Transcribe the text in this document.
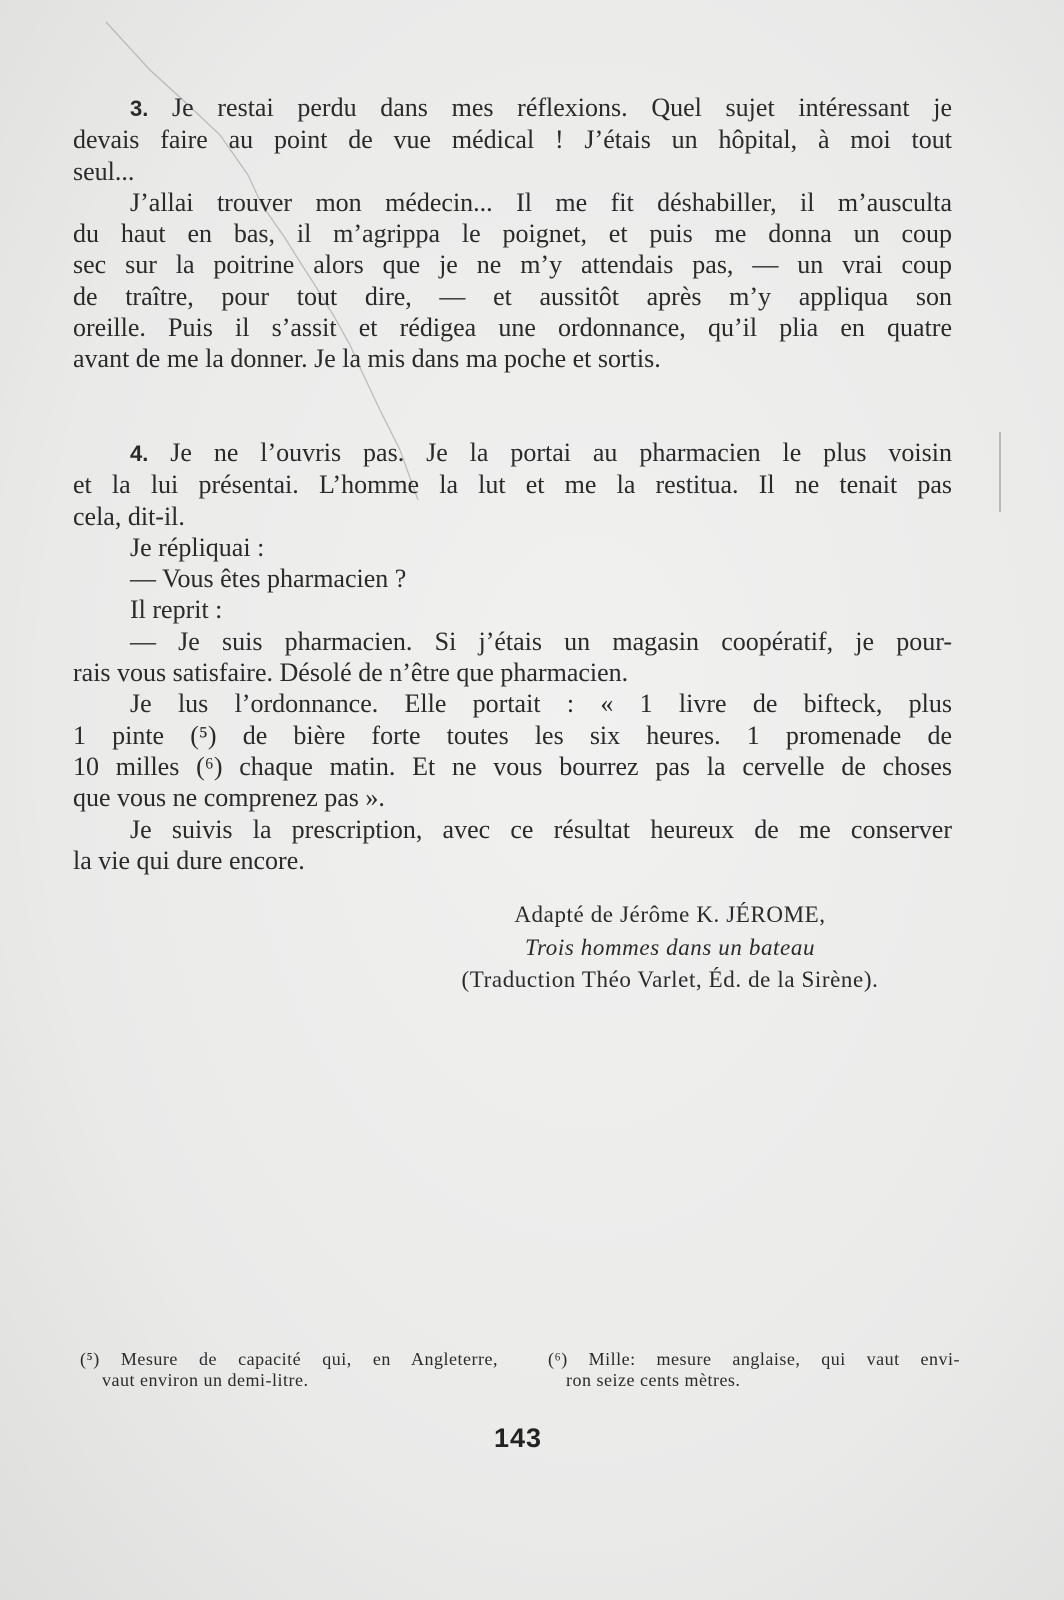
3. Je restai perdu dans mes réflexions. Quel sujet intéressant je
devais faire au point de vue médical ! J’étais un hôpital, à moi tout
seul...
J’allai trouver mon médecin... Il me fit déshabiller, il m’ausculta
du haut en bas, il m’agrippa le poignet, et puis me donna un coup
sec sur la poitrine alors que je ne m’y attendais pas, — un vrai coup
de traître, pour tout dire, — et aussitôt après m’y appliqua son
oreille. Puis il s’assit et rédigea une ordonnance, qu’il plia en quatre
avant de me la donner. Je la mis dans ma poche et sortis.
4. Je ne l’ouvris pas. Je la portai au pharmacien le plus voisin
et la lui présentai. L’homme la lut et me la restitua. Il ne tenait pas
cela, dit-il.
Je répliquai :
— Vous êtes pharmacien ?
Il reprit :
— Je suis pharmacien. Si j’étais un magasin coopératif, je pour-
rais vous satisfaire. Désolé de n’être que pharmacien.
Je lus l’ordonnance. Elle portait : « 1 livre de bifteck, plus
1 pinte (⁵) de bière forte toutes les six heures. 1 promenade de
10 milles (⁶) chaque matin. Et ne vous bourrez pas la cervelle de choses
que vous ne comprenez pas ».
Je suivis la prescription, avec ce résultat heureux de me conserver
la vie qui dure encore.
Adapté de Jérôme K. JÉROME,
Trois hommes dans un bateau
(Traduction Théo Varlet, Éd. de la Sirène).
(⁵) Mesure de capacité qui, en Angleterre,
vaut environ un demi-litre.
(⁶) Mille: mesure anglaise, qui vaut envi-
ron seize cents mètres.
143
